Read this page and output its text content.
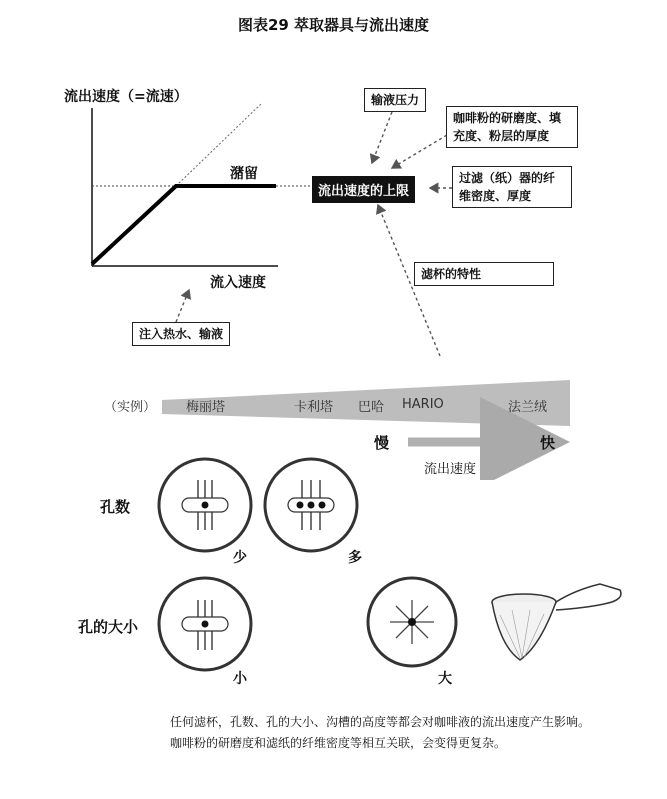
图表29 萃取器具与流出速度
流出速度（=流速）
流入速度
潴留
注入热水、输液
流出速度的上限
输液压力
咖啡粉的研磨度、填充度、粉层的厚度
过滤（纸）器的纤维密度、厚度
滤杯的特性
（实例） 梅丽塔	卡利塔 巴哈 HARIO	法兰绒
慢	快
流出速度
孔数
少	多
孔的大小
小	大
任何滤杯，孔数、孔的大小、沟槽的高度等都会对咖啡液的流出速度产生影响。咖啡粉的研磨度和滤纸的纤维密度等相互关联，会变得更复杂。
